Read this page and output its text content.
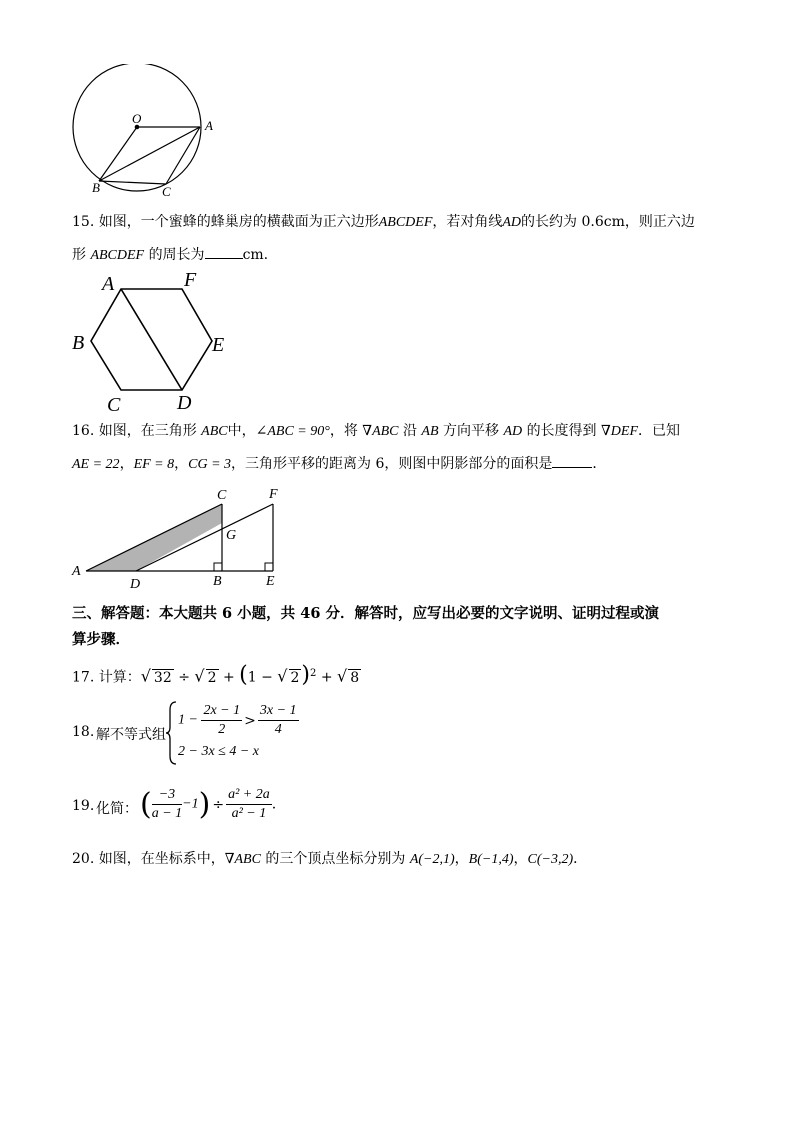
O	A
B	C
15. 如图，一个蜜蜂的蜂巢房的横截面为正六边形ABCDEF，若对角线AD的长约为 0.6cm，则正六边
形 ABCDEF 的周长为	cm.
A	F
B	E
C	D
16. 如图，在三角形 ABC中，∠ABC = 90°，将 ∇ABC 沿 AB 方向平移 AD 的长度得到 ∇DEF．已知
AE = 22，EF = 8，CG = 3，三角形平移的距离为 6，则图中阴影部分的面积是	．
A
C	F
G
D	B	E
三、解答题：本大题共 6 小题，共 46 分．解答时，应写出必要的文字说明、证明过程或演
算步骤．
17. 计算：√ 32 ÷ √ 2 + (1 − √ 2)$^2$ + √ 8
18. 解不等式组
$1 - \frac{2x - 1}{2} > \frac{3x - 1}{4}$
2 − 3x ≤ 4 − x
19. 化简： ( $\frac{-3}{a - 1} -1) \div \frac{\text{a² + 2a}}{\text{a² − 1}}$ .
20. 如图，在坐标系中，∇ABC 的三个顶点坐标分别为 A(−2,1)，B(−1,4)，C(−3,2)．
